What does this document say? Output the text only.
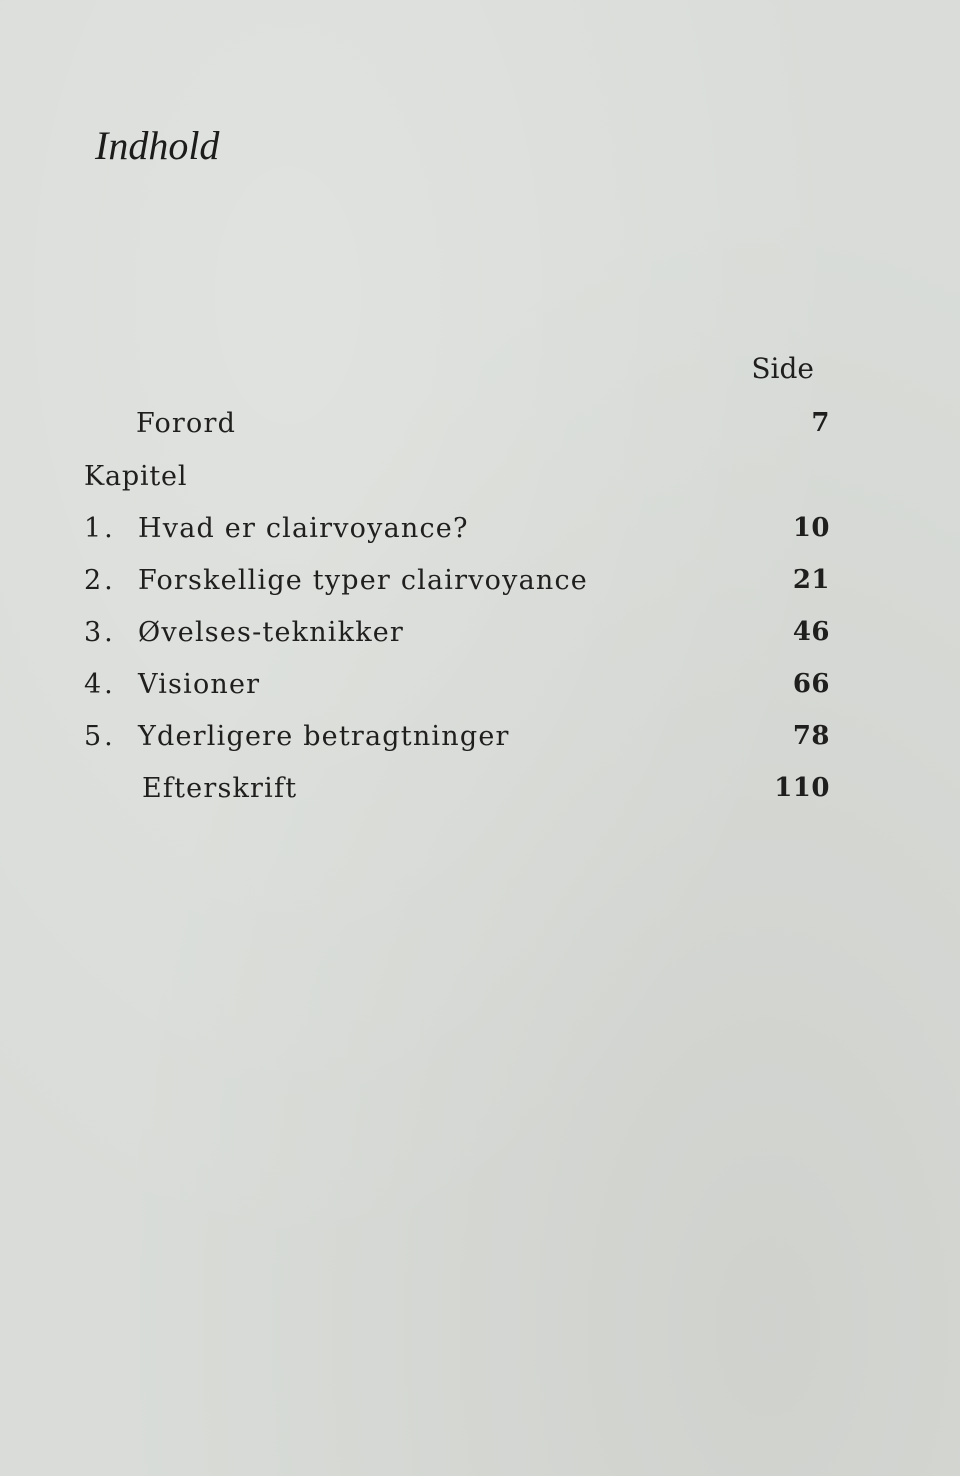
Indhold
Side
Forord	7
Kapitel
1. Hvad er clairvoyance?	10
2. Forskellige typer clairvoyance	21
3. Øvelses-teknikker	46
4. Visioner	66
5. Yderligere betragtninger	78
Efterskrift	110
